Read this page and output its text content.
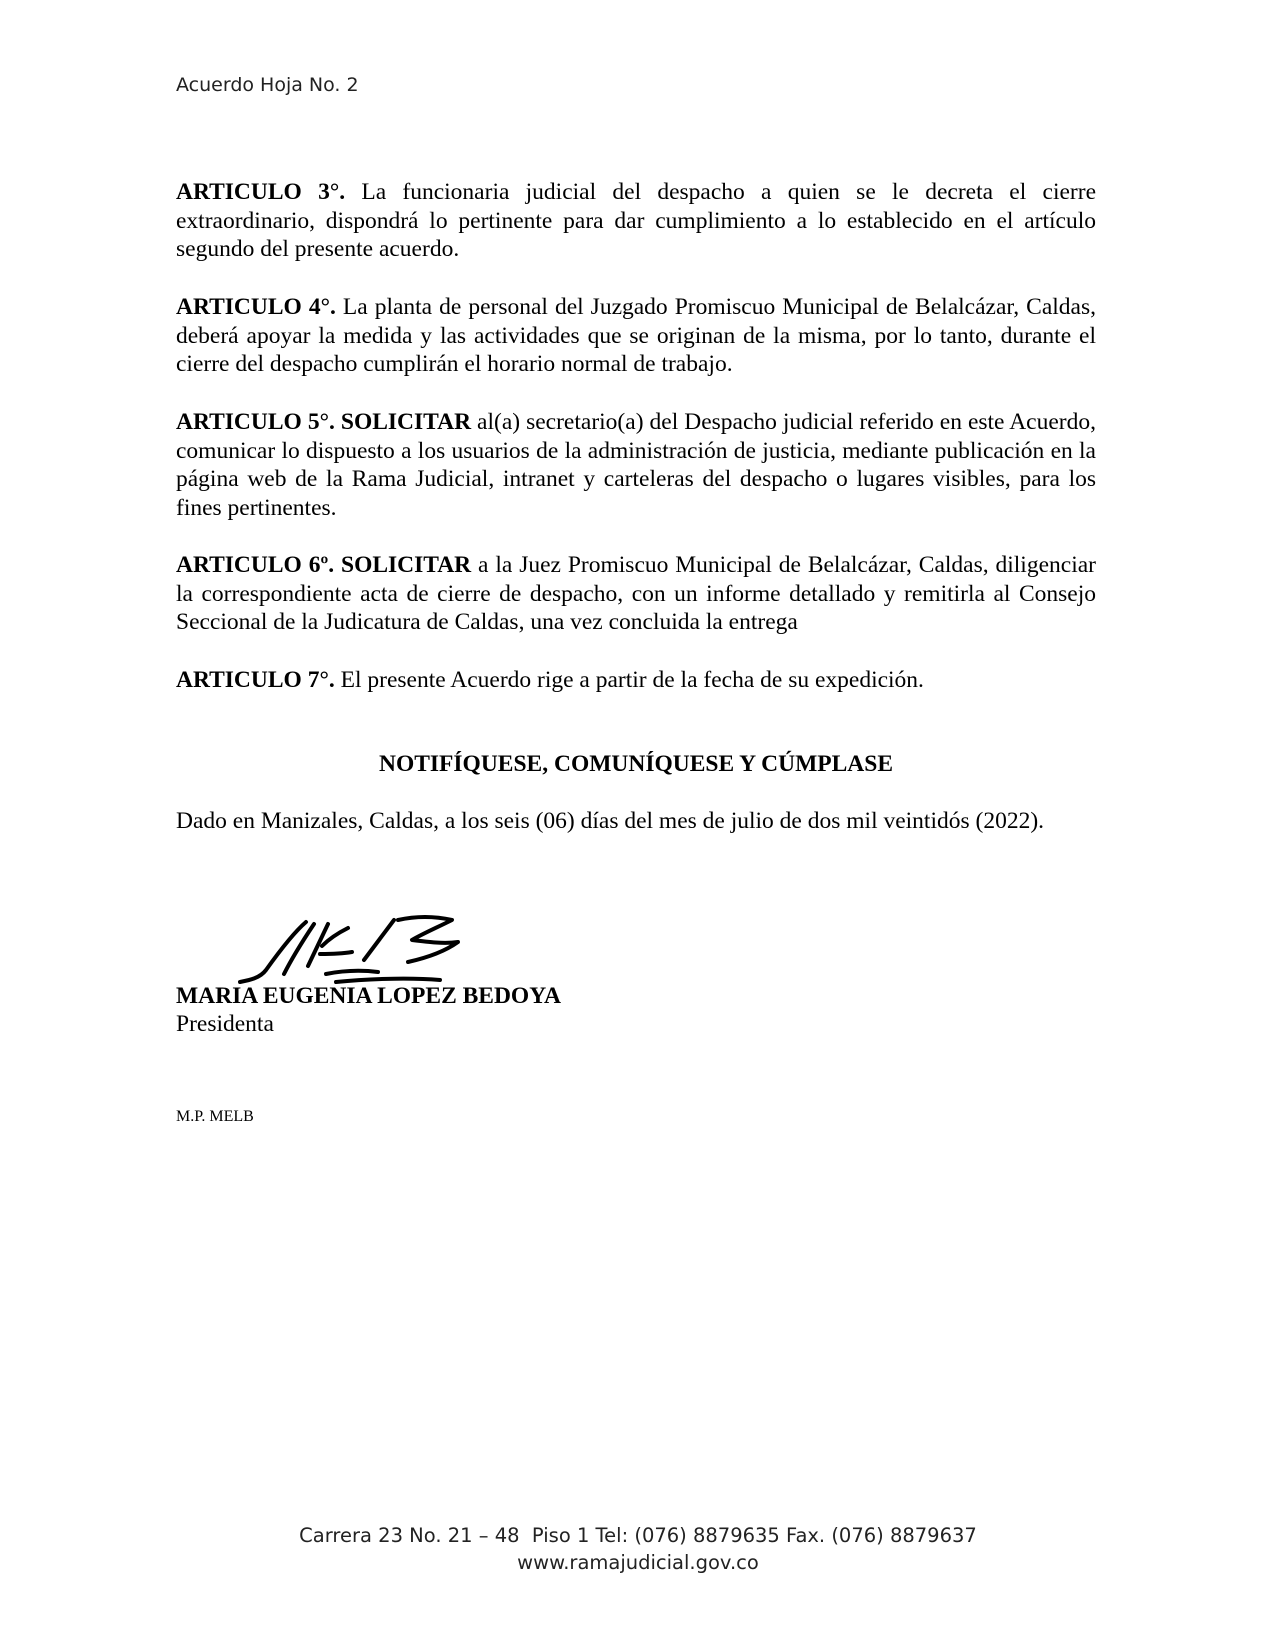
Acuerdo Hoja No. 2

ARTICULO 3°. La funcionaria judicial del despacho a quien se le decreta el cierre extraordinario, dispondrá lo pertinente para dar cumplimiento a lo establecido en el artículo segundo del presente acuerdo.

ARTICULO 4°. La planta de personal del Juzgado Promiscuo Municipal de Belalcázar, Caldas, deberá apoyar la medida y las actividades que se originan de la misma, por lo tanto, durante el cierre del despacho cumplirán el horario normal de trabajo.

ARTICULO 5°. SOLICITAR al(a) secretario(a) del Despacho judicial referido en este Acuerdo, comunicar lo dispuesto a los usuarios de la administración de justicia, mediante publicación en la página web de la Rama Judicial, intranet y carteleras del despacho o lugares visibles, para los fines pertinentes.

ARTICULO 6º. SOLICITAR a la Juez Promiscuo Municipal de Belalcázar, Caldas, diligenciar la correspondiente acta de cierre de despacho, con un informe detallado y remitirla al Consejo Seccional de la Judicatura de Caldas, una vez concluida la entrega

ARTICULO 7°. El presente Acuerdo rige a partir de la fecha de su expedición.

NOTIFÍQUESE, COMUNÍQUESE Y CÚMPLASE
Dado en Manizales, Caldas, a los seis (06) días del mes de julio de dos mil veintidós (2022).
MARIA EUGENIA LOPEZ BEDOYA
Presidenta
M.P. MELB
Carrera 23 No. 21 – 48  Piso 1 Tel: (076) 8879635 Fax. (076) 8879637
www.ramajudicial.gov.co
